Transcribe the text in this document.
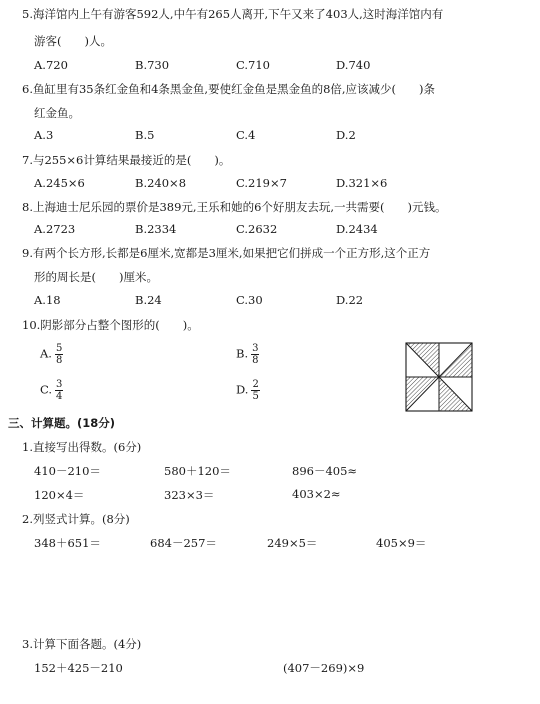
5.海洋馆内上午有游客592人,中午有265人离开,下午又来了403人,这时海洋馆内有
游客(　　)人。
A.720	B.730	C.710	D.740
6.鱼缸里有35条红金鱼和4条黑金鱼,要使红金鱼是黑金鱼的8倍,应该减少(　　)条
红金鱼。
A.3	B.5	C.4	D.2
7.与255×6计算结果最接近的是(　　)。
A.245×6	B.240×8	C.219×7	D.321×6
8.上海迪士尼乐园的票价是389元,王乐和她的6个好朋友去玩,一共需要(　　)元钱。
A.2723	B.2334	C.2632	D.2434
9.有两个长方形,长都是6厘米,宽都是3厘米,如果把它们拼成一个正方形,这个正方
形的周长是(　　)厘米。
A.18	B.24	C.30	D.22
10.阴影部分占整个图形的(　　)。
A. $\frac{5}{8}$	B. $\frac{3}{8}$
C. $\frac{3}{4}$	D. $\frac{2}{5}$
三、计算题。(18分)
1.直接写出得数。(6分)
410－210＝	580＋120＝	896－405≈
120×4＝	323×3＝	403×2≈
2.列竖式计算。(8分)
348＋651＝	684－257＝	249×5＝	405×9＝
3.计算下面各题。(4分)
152＋425－210	(407－269)×9
